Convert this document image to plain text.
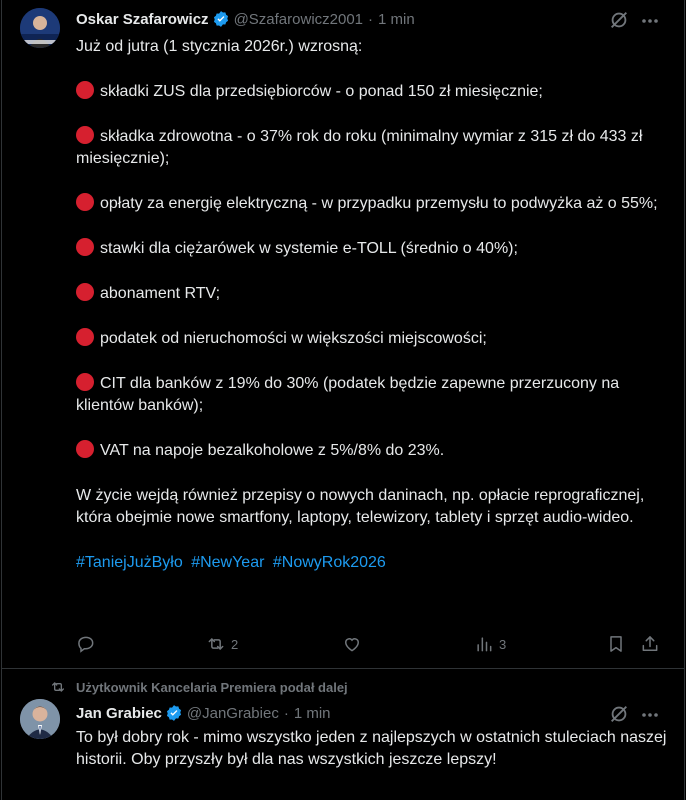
Oskar Szafarowicz @Szafarowicz2001 · 1 min

Już od jutra (1 stycznia 2026r.) wzrosną:

składki ZUS dla przedsiębiorców - o ponad 150 zł miesięcznie;

składka zdrowotna - o 37% rok do roku (minimalny wymiar z 315 zł do 433 zł miesięcznie);

opłaty za energię elektryczną - w przypadku przemysłu to podwyżka aż o 55%;

stawki dla ciężarówek w systemie e-TOLL (średnio o 40%);

abonament RTV;

podatek od nieruchomości w większości miejscowości;

CIT dla banków z 19% do 30% (podatek będzie zapewne przerzucony na klientów banków);

VAT na napoje bezalkoholowe z 5%/8% do 23%.

W życie wejdą również przepisy o nowych daninach, np. opłacie reprograficznej, która obejmie nowe smartfony, laptopy, telewizory, tablety i sprzęt audio-wideo.

#TaniejJużByło #NewYear #NowyRok2026

2	3
Użytkownik Kancelaria Premiera podał dalej
Jan Grabiec @JanGrabiec · 1 min
To był dobry rok - mimo wszystko jeden z najlepszych w ostatnich stuleciach naszej historii. Oby przyszły był dla nas wszystkich jeszcze lepszy!
